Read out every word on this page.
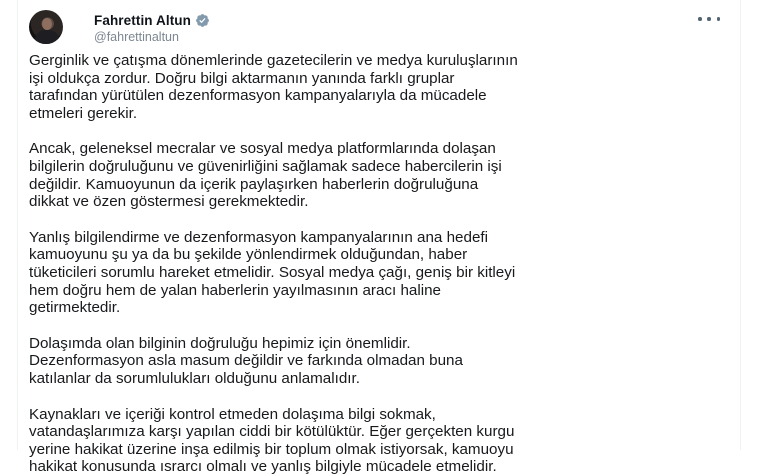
Fahrettin Altun
@fahrettinaltun

Gerginlik ve çatışma dönemlerinde gazetecilerin ve medya kuruluşlarının
işi oldukça zordur. Doğru bilgi aktarmanın yanında farklı gruplar
tarafından yürütülen dezenformasyon kampanyalarıyla da mücadele
etmeleri gerekir.

Ancak, geleneksel mecralar ve sosyal medya platformlarında dolaşan
bilgilerin doğruluğunu ve güvenirliğini sağlamak sadece habercilerin işi
değildir. Kamuoyunun da içerik paylaşırken haberlerin doğruluğuna
dikkat ve özen göstermesi gerekmektedir.

Yanlış bilgilendirme ve dezenformasyon kampanyalarının ana hedefi
kamuoyunu şu ya da bu şekilde yönlendirmek olduğundan, haber
tüketicileri sorumlu hareket etmelidir. Sosyal medya çağı, geniş bir kitleyi
hem doğru hem de yalan haberlerin yayılmasının aracı haline
getirmektedir.

Dolaşımda olan bilginin doğruluğu hepimiz için önemlidir.
Dezenformasyon asla masum değildir ve farkında olmadan buna
katılanlar da sorumlulukları olduğunu anlamalıdır.

Kaynakları ve içeriği kontrol etmeden dolaşıma bilgi sokmak,
vatandaşlarımıza karşı yapılan ciddi bir kötülüktür. Eğer gerçekten kurgu
yerine hakikat üzerine inşa edilmiş bir toplum olmak istiyorsak, kamuoyu
hakikat konusunda ısrarcı olmalı ve yanlış bilgiyle mücadele etmelidir.
